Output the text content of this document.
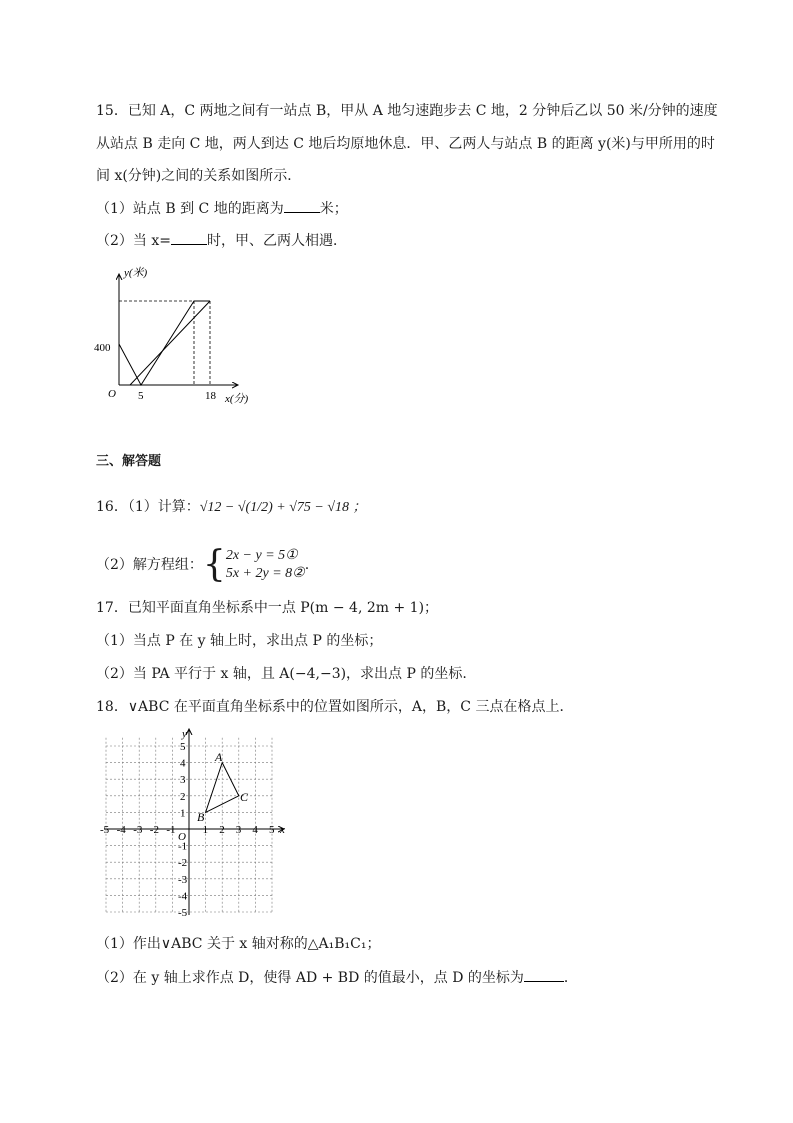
15．已知 A，C 两地之间有一站点 B，甲从 A 地匀速跑步去 C 地，2 分钟后乙以 50 米/分钟的速度
从站点 B 走向 C 地，两人到达 C 地后均原地休息．甲、乙两人与站点 B 的距离 y(米)与甲所用的时
间 x(分钟)之间的关系如图所示．
（1）站点 B 到 C 地的距离为	米；
（2）当 x=	时，甲、乙两人相遇．
y(米)
400
O 5	18 x(分)
三、解答题
16．（1）计算：√12 − √(1/2) + √75 − √18 ；
（2）解方程组： { 2x − y = 5①
5x + 2y = 8②
.
17．已知平面直角坐标系中一点 P(m − 4, 2m + 1)；
（1）当点 P 在 y 轴上时，求出点 P 的坐标；
（2）当 PA 平行于 x 轴，且 A(−4,−3)，求出点 P 的坐标.
18．∨ABC 在平面直角坐标系中的位置如图所示，A，B，C 三点在格点上．
-5 -4 -3 -2 -1 1 2 3 4 5
5
4
3
2
1
-1
-2
-3
-4
-5
O
x
y
A
B
C
（1）作出∨ABC 关于 x 轴对称的△A₁B₁C₁；
（2）在 y 轴上求作点 D，使得 AD + BD 的值最小，点 D 的坐标为	．
